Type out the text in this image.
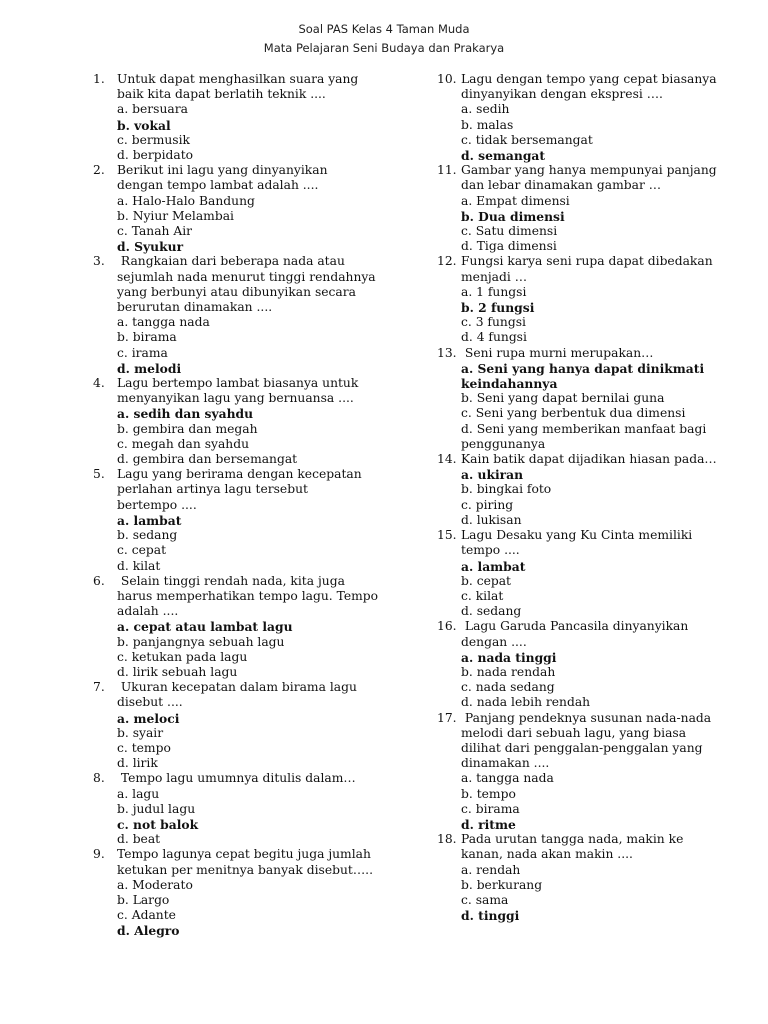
Soal PAS Kelas 4 Taman Muda
Mata Pelajaran Seni Budaya dan Prakarya
1. Untuk dapat menghasilkan suara yang
baik kita dapat berlatih teknik ....
a. bersuara
b. vokal
c. bermusik
d. berpidato
2. Berikut ini lagu yang dinyanyikan
dengan tempo lambat adalah ....
a. Halo-Halo Bandung
b. Nyiur Melambai
c. Tanah Air
d. Syukur
3. Rangkaian dari beberapa nada atau
sejumlah nada menurut tinggi rendahnya
yang berbunyi atau dibunyikan secara
berurutan dinamakan ....
a. tangga nada
b. birama
c. irama
d. melodi
4. Lagu bertempo lambat biasanya untuk
menyanyikan lagu yang bernuansa ....
a. sedih dan syahdu
b. gembira dan megah
c. megah dan syahdu
d. gembira dan bersemangat
5. Lagu yang berirama dengan kecepatan
perlahan artinya lagu tersebut
bertempo ....
a. lambat
b. sedang
c. cepat
d. kilat
6. Selain tinggi rendah nada, kita juga
harus memperhatikan tempo lagu. Tempo
adalah ....
a. cepat atau lambat lagu
b. panjangnya sebuah lagu
c. ketukan pada lagu
d. lirik sebuah lagu
7. Ukuran kecepatan dalam birama lagu
disebut ....
a. meloci
b. syair
c. tempo
d. lirik
8. Tempo lagu umumnya ditulis dalam…
a. lagu
b. judul lagu
c. not balok
d. beat
9. Tempo lagunya cepat begitu juga jumlah
ketukan per menitnya banyak disebut…..
a. Moderato
b. Largo
c. Adante
d. Alegro
10. Lagu dengan tempo yang cepat biasanya
dinyanyikan dengan ekspresi ….
a. sedih
b. malas
c. tidak bersemangat
d. semangat
11. Gambar yang hanya mempunyai panjang
dan lebar dinamakan gambar …
a. Empat dimensi
b. Dua dimensi
c. Satu dimensi
d. Tiga dimensi
12. Fungsi karya seni rupa dapat dibedakan
menjadi …
a. 1 fungsi
b. 2 fungsi
c. 3 fungsi
d. 4 fungsi
13. Seni rupa murni merupakan…
a. Seni yang hanya dapat dinikmati keindahannya
b. Seni yang dapat bernilai guna
c. Seni yang berbentuk dua dimensi
d. Seni yang memberikan manfaat bagi penggunanya
14. Kain batik dapat dijadikan hiasan pada…
a. ukiran
b. bingkai foto
c. piring
d. lukisan
15. Lagu Desaku yang Ku Cinta memiliki
tempo ....
a. lambat
b. cepat
c. kilat
d. sedang
16. Lagu Garuda Pancasila dinyanyikan
dengan ....
a. nada tinggi
b. nada rendah
c. nada sedang
d. nada lebih rendah
17. Panjang pendeknya susunan nada-nada
melodi dari sebuah lagu, yang biasa
dilihat dari penggalan-penggalan yang
dinamakan ....
a. tangga nada
b. tempo
c. birama
d. ritme
18. Pada urutan tangga nada, makin ke
kanan, nada akan makin ....
a. rendah
b. berkurang
c. sama
d. tinggi
